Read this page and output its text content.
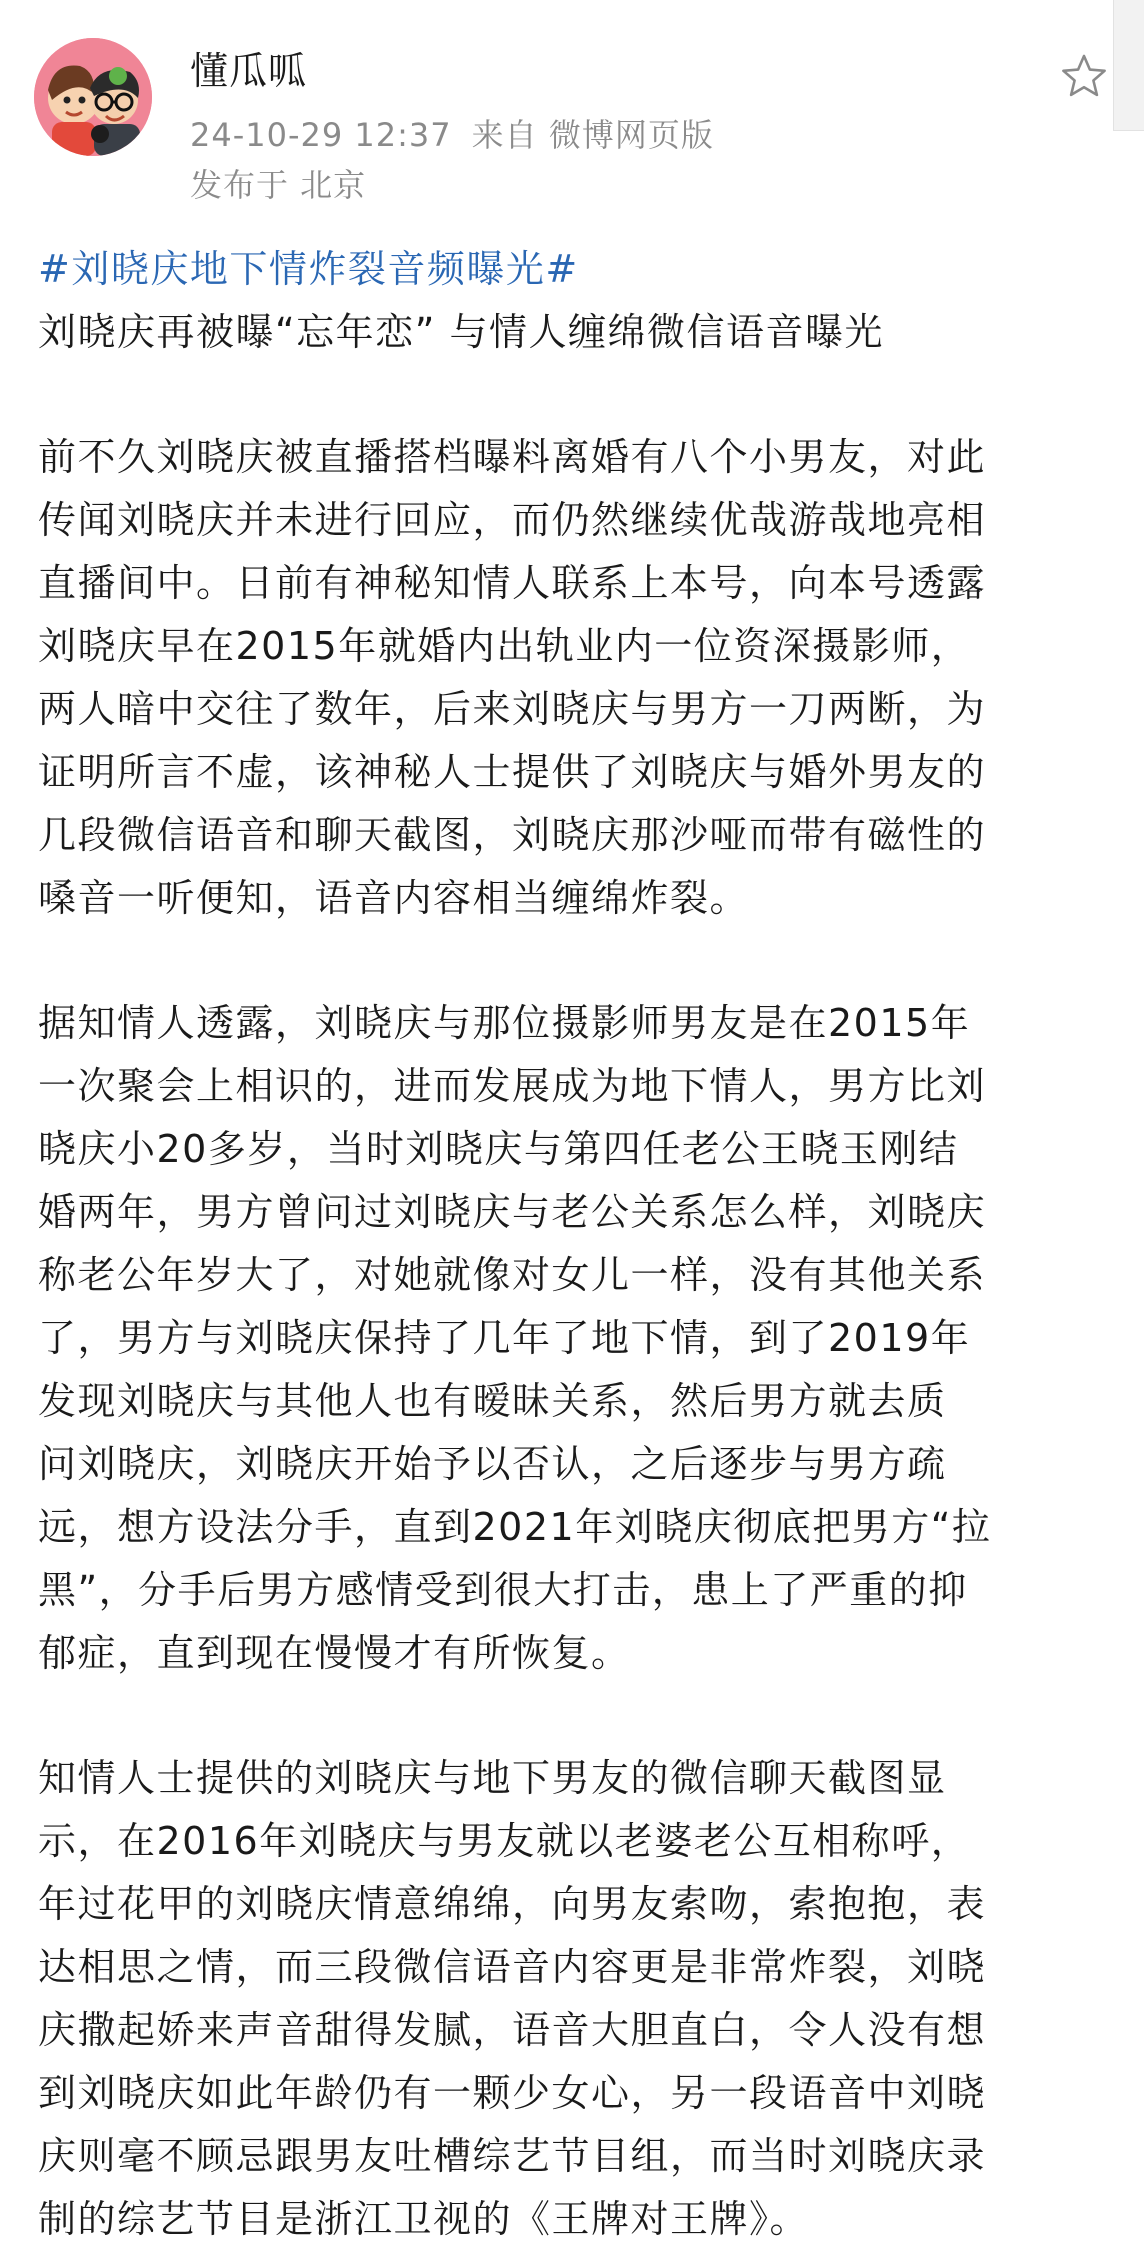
懂瓜呱
24-10-29 12:37 来自 微博网页版
发布于 北京
#刘晓庆地下情炸裂音频曝光#
刘晓庆再被曝“忘年恋” 与情人缠绵微信语音曝光
前不久刘晓庆被直播搭档曝料离婚有八个小男友，对此
传闻刘晓庆并未进行回应，而仍然继续优哉游哉地亮相
直播间中。日前有神秘知情人联系上本号，向本号透露
刘晓庆早在2015年就婚内出轨业内一位资深摄影师，
两人暗中交往了数年，后来刘晓庆与男方一刀两断，为
证明所言不虚，该神秘人士提供了刘晓庆与婚外男友的
几段微信语音和聊天截图，刘晓庆那沙哑而带有磁性的
嗓音一听便知，语音内容相当缠绵炸裂。
据知情人透露，刘晓庆与那位摄影师男友是在2015年
一次聚会上相识的，进而发展成为地下情人，男方比刘
晓庆小20多岁，当时刘晓庆与第四任老公王晓玉刚结
婚两年，男方曾问过刘晓庆与老公关系怎么样，刘晓庆
称老公年岁大了，对她就像对女儿一样，没有其他关系
了，男方与刘晓庆保持了几年了地下情，到了2019年
发现刘晓庆与其他人也有暧昧关系，然后男方就去质
问刘晓庆，刘晓庆开始予以否认，之后逐步与男方疏
远，想方设法分手，直到2021年刘晓庆彻底把男方“拉
黑”，分手后男方感情受到很大打击，患上了严重的抑
郁症，直到现在慢慢才有所恢复。
知情人士提供的刘晓庆与地下男友的微信聊天截图显
示，在2016年刘晓庆与男友就以老婆老公互相称呼，
年过花甲的刘晓庆情意绵绵，向男友索吻，索抱抱，表
达相思之情，而三段微信语音内容更是非常炸裂，刘晓
庆撒起娇来声音甜得发腻，语音大胆直白，令人没有想
到刘晓庆如此年龄仍有一颗少女心，另一段语音中刘晓
庆则毫不顾忌跟男友吐槽综艺节目组，而当时刘晓庆录
制的综艺节目是浙江卫视的《王牌对王牌》。
